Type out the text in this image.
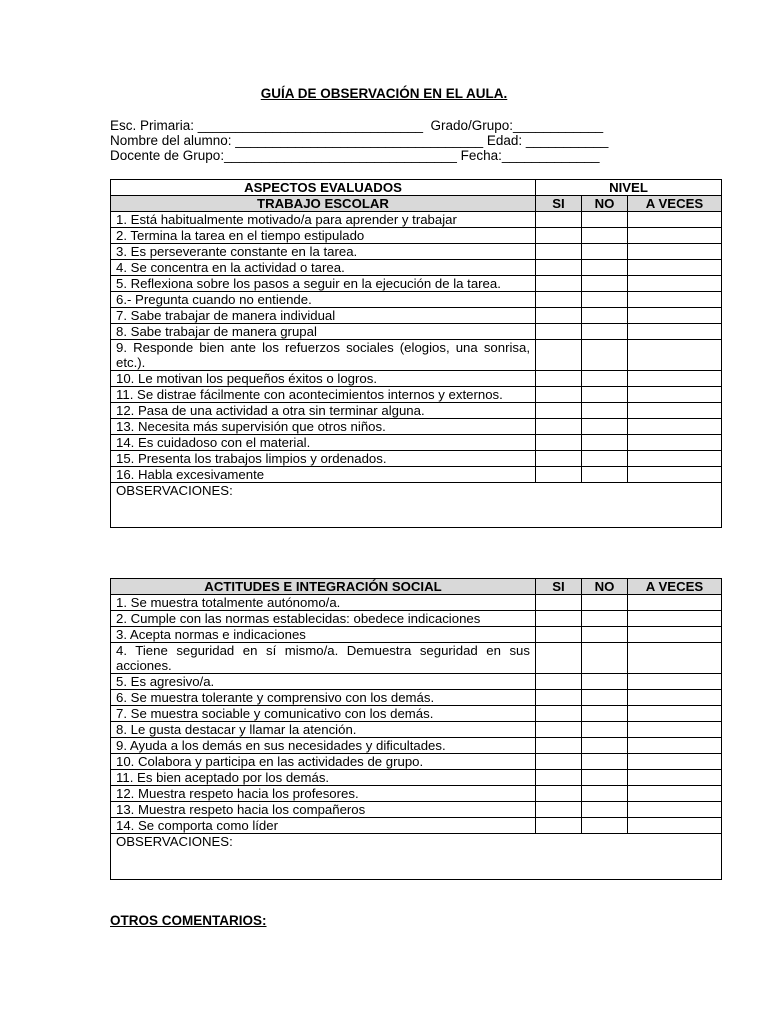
GUÍA DE OBSERVACIÓN EN EL AULA.
Esc. Primaria: ______________________________  Grado/Grupo:____________
Nombre del alumno: _________________________________ Edad: ___________
Docente de Grupo:_______________________________ Fecha:_____________
ASPECTOS EVALUADOS	NIVEL		
TRABAJO ESCOLAR	SI	NO	A VECES
1. Está habitualmente motivado/a para aprender y trabajar			
2. Termina la tarea en el tiempo estipulado			
3. Es perseverante constante en la tarea.			
4. Se concentra en la actividad o tarea.			
5. Reflexiona sobre los pasos a seguir en la ejecución de la tarea.			
6.- Pregunta cuando no entiende.			
7. Sabe trabajar de manera individual			
8. Sabe trabajar de manera grupal			
9. Responde bien ante los refuerzos sociales (elogios, una sonrisa, etc.).			
10. Le motivan los pequeños éxitos o logros.			
11. Se distrae fácilmente con acontecimientos internos y externos.			
12. Pasa de una actividad a otra sin terminar alguna.			
13. Necesita más supervisión que otros niños.			
14. Es cuidadoso con el material.			
15. Presenta los trabajos limpios y ordenados.			
16. Habla excesivamente			
OBSERVACIONES:			
ACTITUDES E INTEGRACIÓN SOCIAL	SI	NO	A VECES
1. Se muestra totalmente autónomo/a.			
2. Cumple con las normas establecidas: obedece indicaciones			
3. Acepta normas e indicaciones			
4. Tiene seguridad en sí mismo/a. Demuestra seguridad en sus acciones.			
5. Es agresivo/a.			
6. Se muestra tolerante y comprensivo con los demás.			
7. Se muestra sociable y comunicativo con los demás.			
8. Le gusta destacar y llamar la atención.			
9. Ayuda a los demás en sus necesidades y dificultades.			
10. Colabora y participa en las actividades de grupo.			
11. Es bien aceptado por los demás.			
12. Muestra respeto hacia los profesores.			
13. Muestra respeto hacia los compañeros			
14. Se comporta como líder			
OBSERVACIONES:			
OTROS COMENTARIOS:
